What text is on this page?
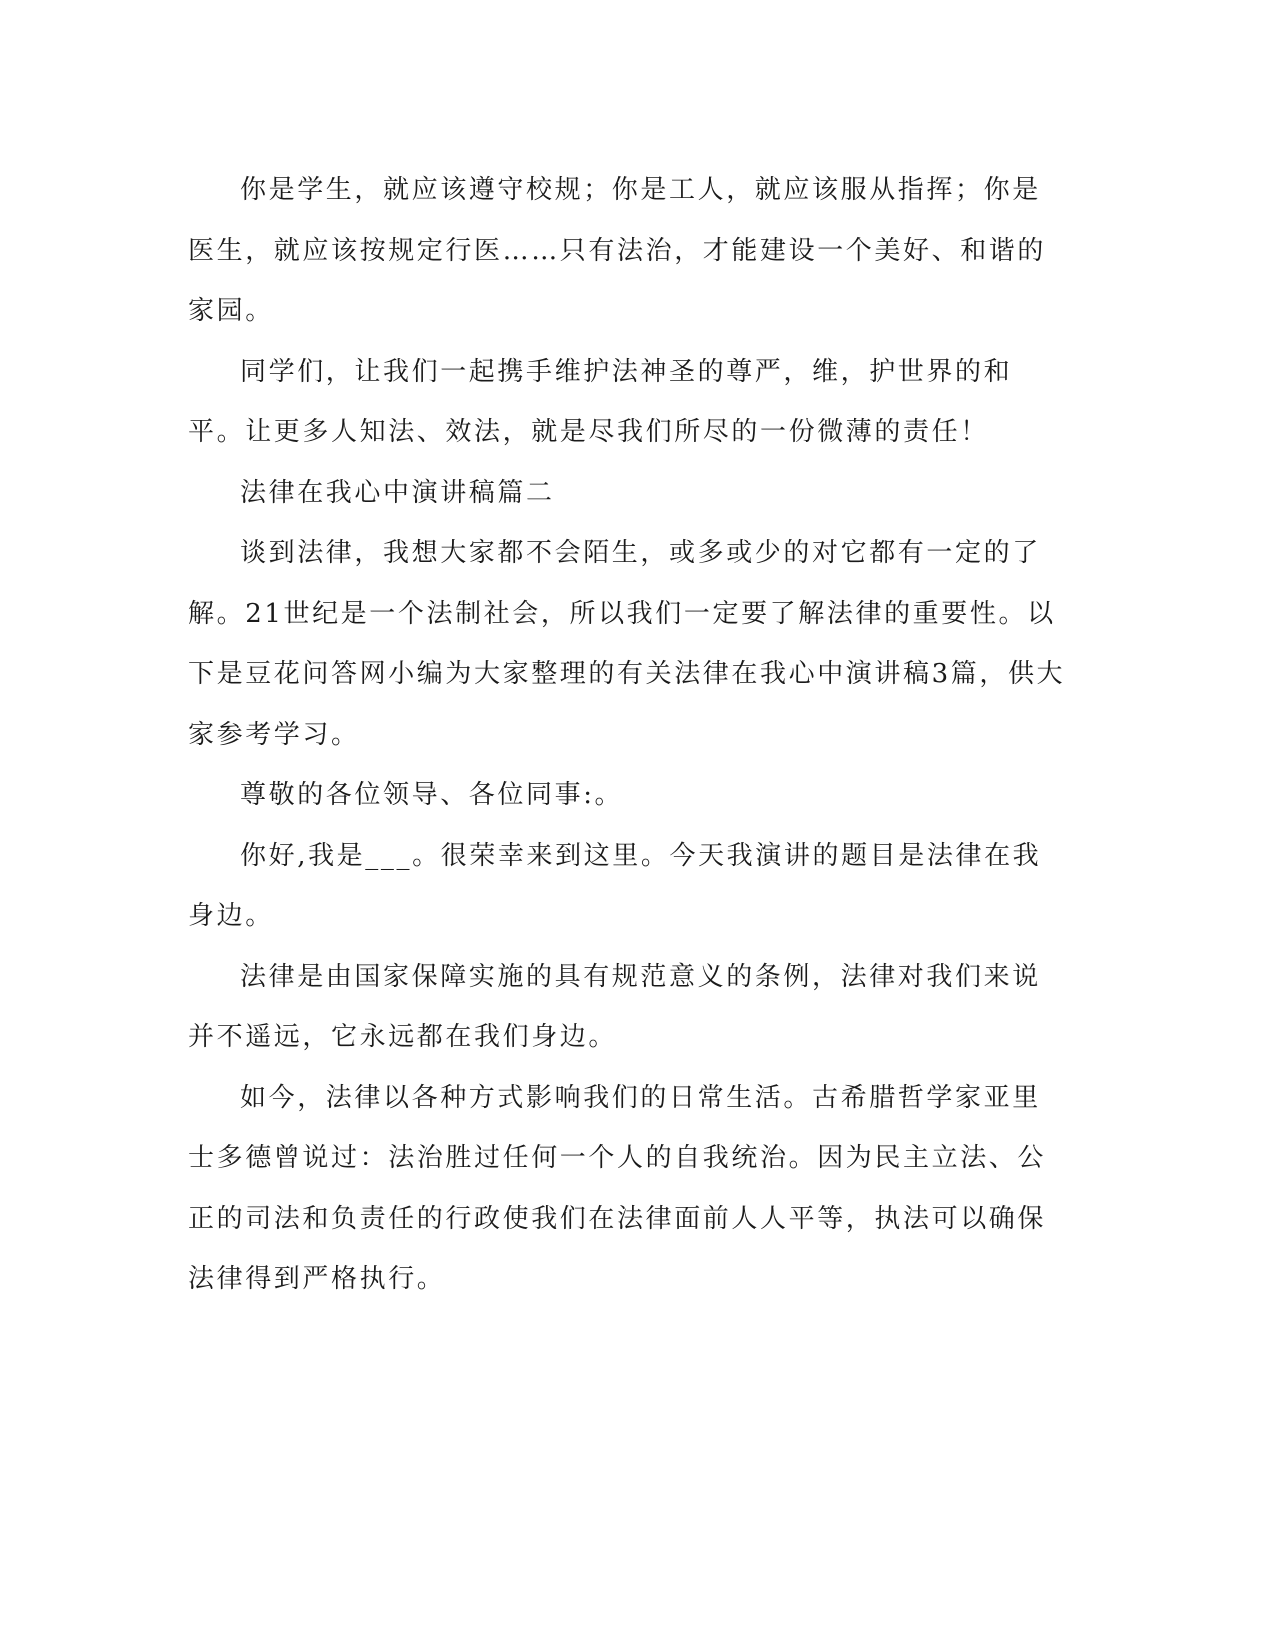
你是学生，就应该遵守校规；你是工人，就应该服从指挥；你是医生，就应该按规定行医……只有法治，才能建设一个美好、和谐的家园。

同学们，让我们一起携手维护法神圣的尊严，维，护世界的和平。让更多人知法、效法，就是尽我们所尽的一份微薄的责任！

法律在我心中演讲稿篇二

谈到法律，我想大家都不会陌生，或多或少的对它都有一定的了解。21世纪是一个法制社会，所以我们一定要了解法律的重要性。以下是豆花问答网小编为大家整理的有关法律在我心中演讲稿3篇，供大家参考学习。

尊敬的各位领导、各位同事:。

你好,我是___。很荣幸来到这里。今天我演讲的题目是法律在我身边。

法律是由国家保障实施的具有规范意义的条例，法律对我们来说并不遥远，它永远都在我们身边。

如今，法律以各种方式影响我们的日常生活。古希腊哲学家亚里士多德曾说过：法治胜过任何一个人的自我统治。因为民主立法、公正的司法和负责任的行政使我们在法律面前人人平等，执法可以确保法律得到严格执行。
